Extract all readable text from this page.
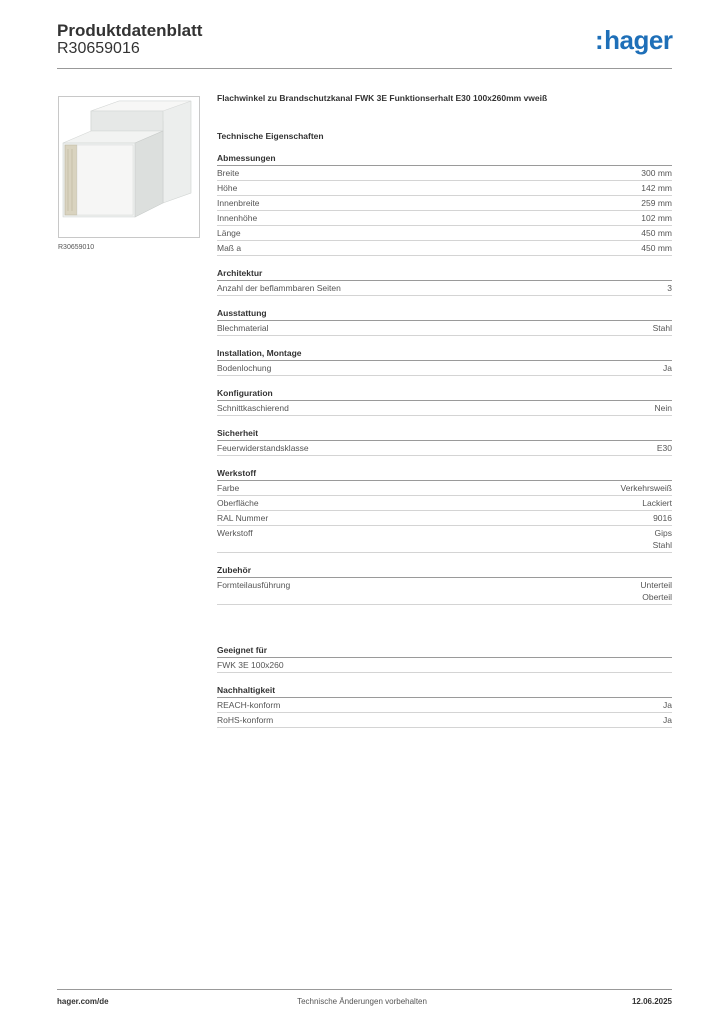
Produktdatenblatt
R30659016	:hager
R30659010
Flachwinkel zu Brandschutzkanal FWK 3E Funktionserhalt E30 100x260mm vweiß
Technische Eigenschaften
Abmessungen
Breite	300 mm
Höhe	142 mm
Innenbreite	259 mm
Innenhöhe	102 mm
Länge	450 mm
Maß a	450 mm
Architektur
Anzahl der beflammbaren Seiten	3
Ausstattung
Blechmaterial	Stahl
Installation, Montage
Bodenlochung	Ja
Konfiguration
Schnittkaschierend	Nein
Sicherheit
Feuerwiderstandsklasse	E30
Werkstoff
Farbe	Verkehrsweiß
Oberfläche	Lackiert
RAL Nummer	9016
Werkstoff	Gips
Stahl
Zubehör
Formteilausführung	Unterteil
Oberteil
Geeignet für
FWK 3E 100x260
Nachhaltigkeit
REACH-konform	Ja
RoHS-konform	Ja
hager.com/de	Technische Änderungen vorbehalten	12.06.2025
